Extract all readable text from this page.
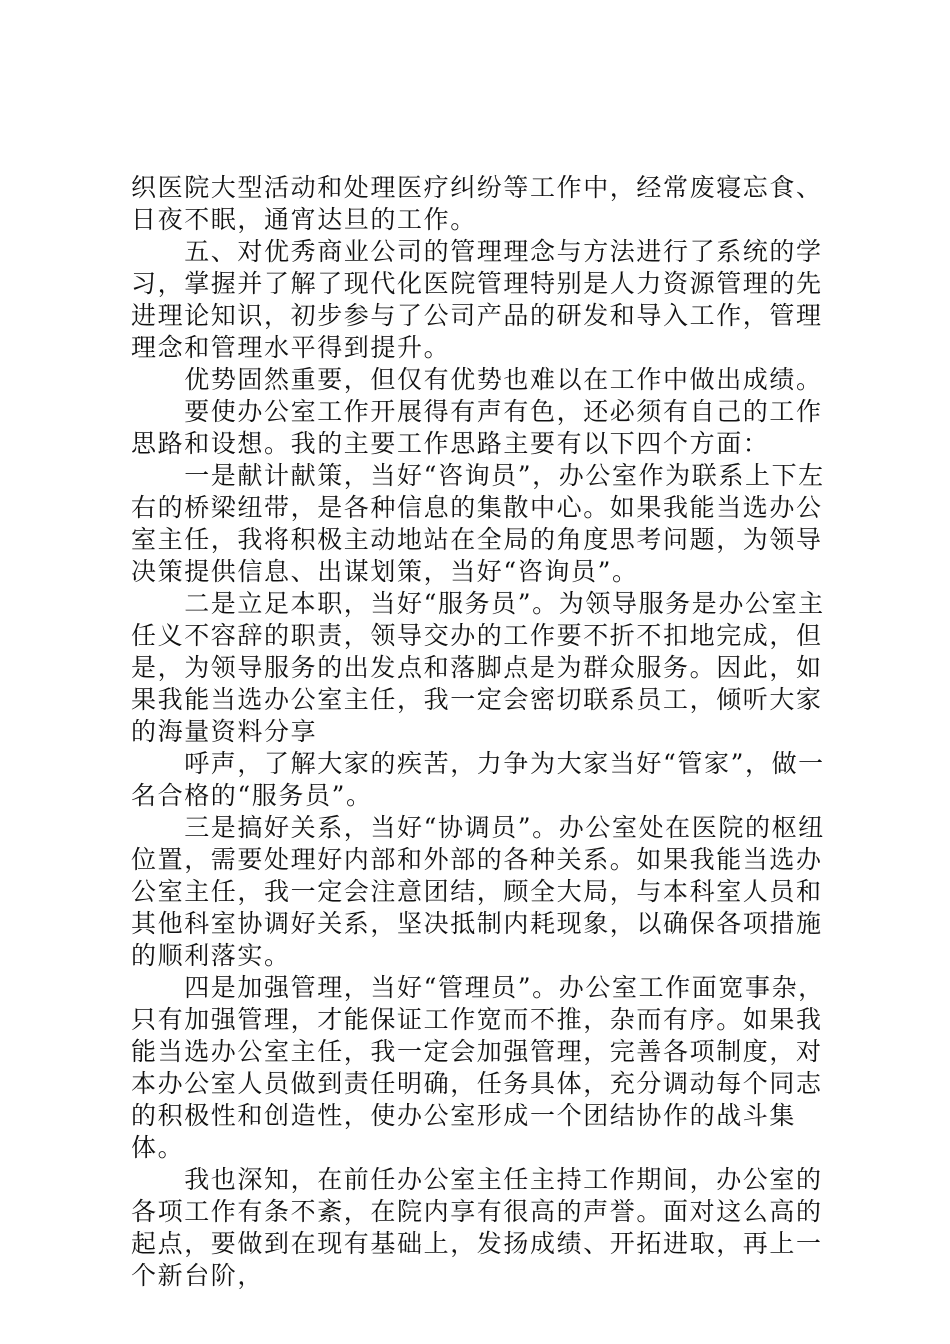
织医院大型活动和处理医疗纠纷等工作中，经常废寝忘食、日夜不眠，通宵达旦的工作。

　　五、对优秀商业公司的管理理念与方法进行了系统的学习，掌握并了解了现代化医院管理特别是人力资源管理的先进理论知识，初步参与了公司产品的研发和导入工作，管理理念和管理水平得到提升。

　　优势固然重要，但仅有优势也难以在工作中做出成绩。

　　要使办公室工作开展得有声有色，还必须有自己的工作思路和设想。我的主要工作思路主要有以下四个方面：

　　一是献计献策，当好“咨询员”，办公室作为联系上下左右的桥梁纽带，是各种信息的集散中心。如果我能当选办公室主任，我将积极主动地站在全局的角度思考问题，为领导决策提供信息、出谋划策，当好“咨询员”。

　　二是立足本职，当好“服务员”。为领导服务是办公室主任义不容辞的职责，领导交办的工作要不折不扣地完成，但是，为领导服务的出发点和落脚点是为群众服务。因此，如果我能当选办公室主任，我一定会密切联系员工，倾听大家的海量资料分享

　　呼声，了解大家的疾苦，力争为大家当好“管家”，做一名合格的“服务员”。

　　三是搞好关系，当好“协调员”。办公室处在医院的枢纽位置，需要处理好内部和外部的各种关系。如果我能当选办公室主任，我一定会注意团结，顾全大局，与本科室人员和其他科室协调好关系，坚决抵制内耗现象，以确保各项措施的顺利落实。

　　四是加强管理，当好“管理员”。办公室工作面宽事杂，只有加强管理，才能保证工作宽而不推，杂而有序。如果我能当选办公室主任，我一定会加强管理，完善各项制度，对本办公室人员做到责任明确，任务具体，充分调动每个同志的积极性和创造性，使办公室形成一个团结协作的战斗集体。

　　我也深知，在前任办公室主任主持工作期间，办公室的各项工作有条不紊，在院内享有很高的声誉。面对这么高的起点，要做到在现有基础上，发扬成绩、开拓进取，再上一个新台阶，
